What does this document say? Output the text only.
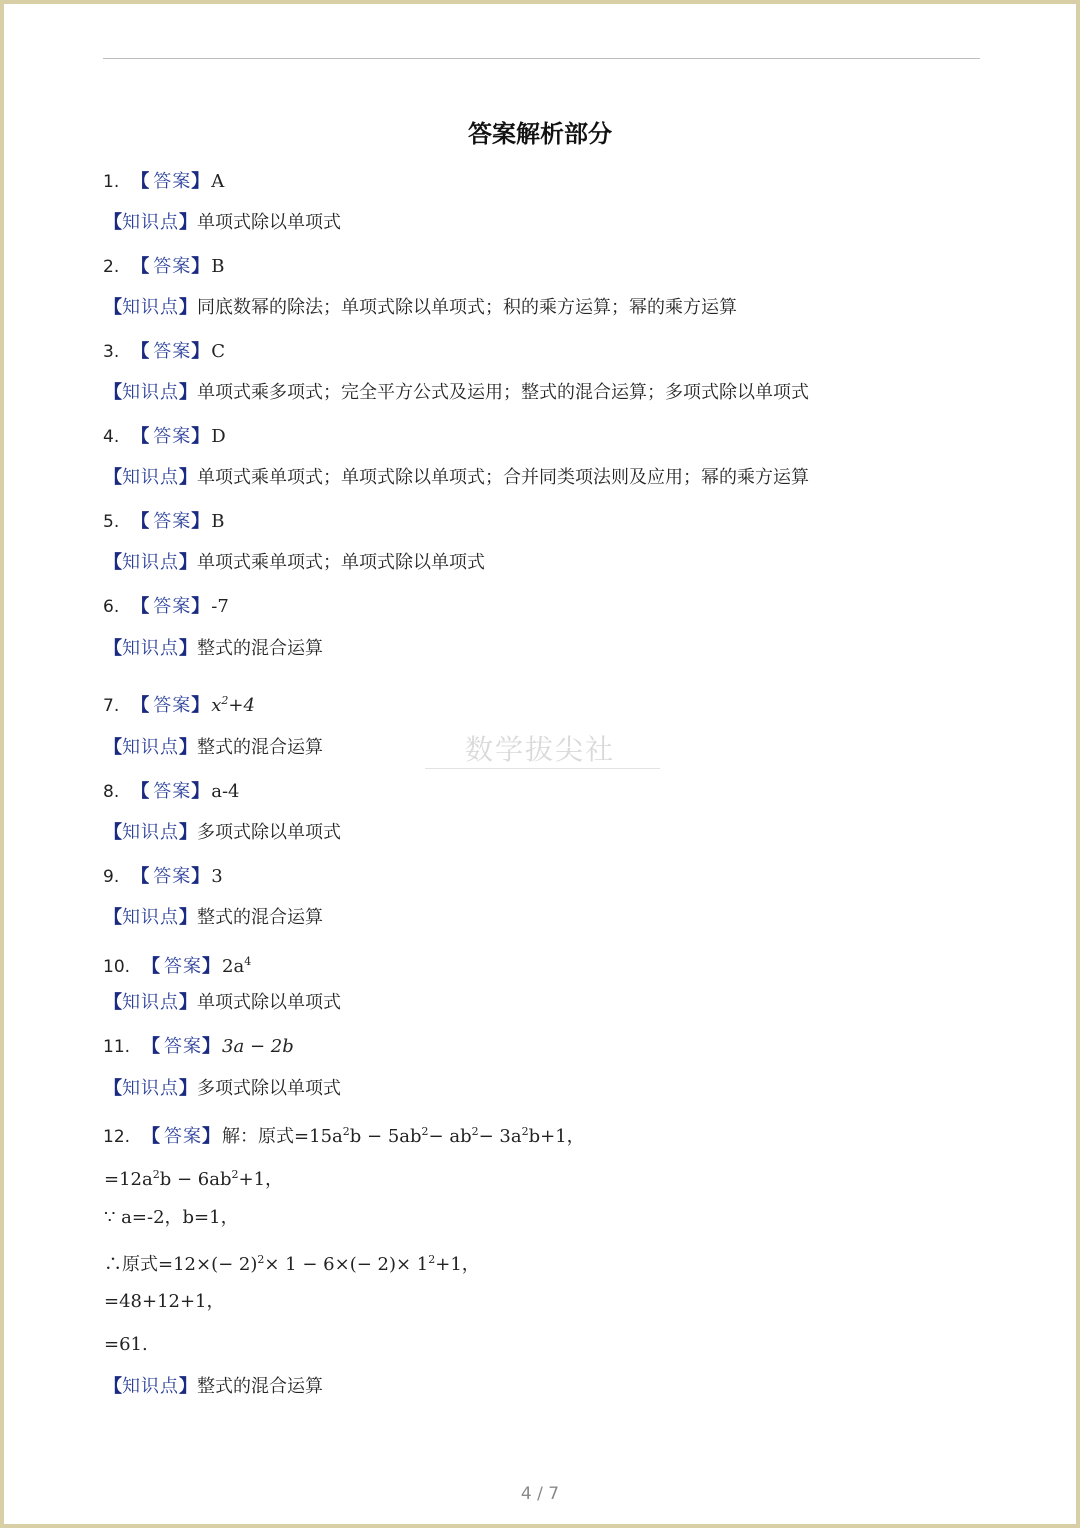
答案解析部分
1. 【 答案】 A
【知识点】单项式除以单项式
2. 【 答案】 B
【知识点】同底数幂的除法；单项式除以单项式；积的乘方运算；幂的乘方运算
3. 【 答案】 C
【知识点】单项式乘多项式；完全平方公式及运用；整式的混合运算；多项式除以单项式
4. 【 答案】 D
【知识点】单项式乘单项式；单项式除以单项式；合并同类项法则及应用；幂的乘方运算
5. 【 答案】 B
【知识点】单项式乘单项式；单项式除以单项式
6. 【 答案】 -7
【知识点】整式的混合运算
7. 【 答案】 $x^2+4$
【知识点】整式的混合运算	数学拔尖社
8. 【 答案】 a-4
【知识点】多项式除以单项式
9. 【 答案】 3
【知识点】整式的混合运算
10. 【 答案】 $2a^4$
【知识点】单项式除以单项式
11. 【 答案】 3a − 2b
【知识点】多项式除以单项式
12. 【 答案】 解：原式$=15a^2b - 5ab^2- ab^2- 3a^2b+1$，
$=12a^2b - 6ab^2+1$，
∵ a=-2，b=1，
∴原式$=12\times(- 2)^2\times 1 - 6\times(- 2)\times 1^2+1$，
=48+12+1，
=61.
【知识点】整式的混合运算
4 / 7
